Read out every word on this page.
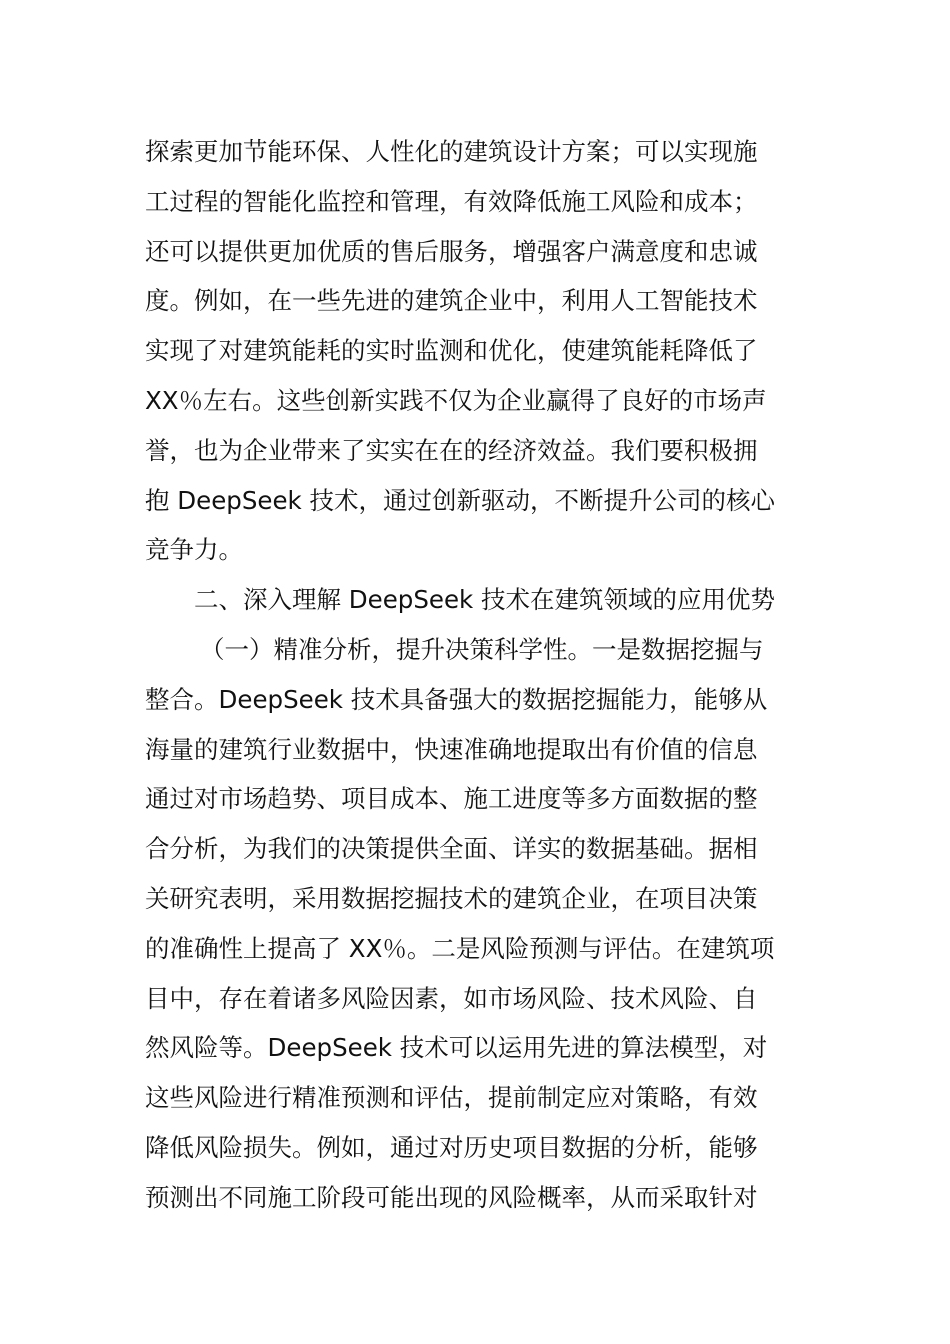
探索更加节能环保、人性化的建筑设计方案；可以实现施
工过程的智能化监控和管理，有效降低施工风险和成本；
还可以提供更加优质的售后服务，增强客户满意度和忠诚
度。例如，在一些先进的建筑企业中，利用人工智能技术
实现了对建筑能耗的实时监测和优化，使建筑能耗降低了
XX％左右。这些创新实践不仅为企业赢得了良好的市场声
誉，也为企业带来了实实在在的经济效益。我们要积极拥
抱 DeepSeek 技术，通过创新驱动，不断提升公司的核心
竞争力。
二、深入理解 DeepSeek 技术在建筑领域的应用优势
（一）精准分析，提升决策科学性。一是数据挖掘与
整合。DeepSeek 技术具备强大的数据挖掘能力，能够从
海量的建筑行业数据中，快速准确地提取出有价值的信息
通过对市场趋势、项目成本、施工进度等多方面数据的整
合分析，为我们的决策提供全面、详实的数据基础。据相
关研究表明，采用数据挖掘技术的建筑企业，在项目决策
的准确性上提高了 XX％。二是风险预测与评估。在建筑项
目中，存在着诸多风险因素，如市场风险、技术风险、自
然风险等。DeepSeek 技术可以运用先进的算法模型，对
这些风险进行精准预测和评估，提前制定应对策略，有效
降低风险损失。例如，通过对历史项目数据的分析，能够
预测出不同施工阶段可能出现的风险概率，从而采取针对
